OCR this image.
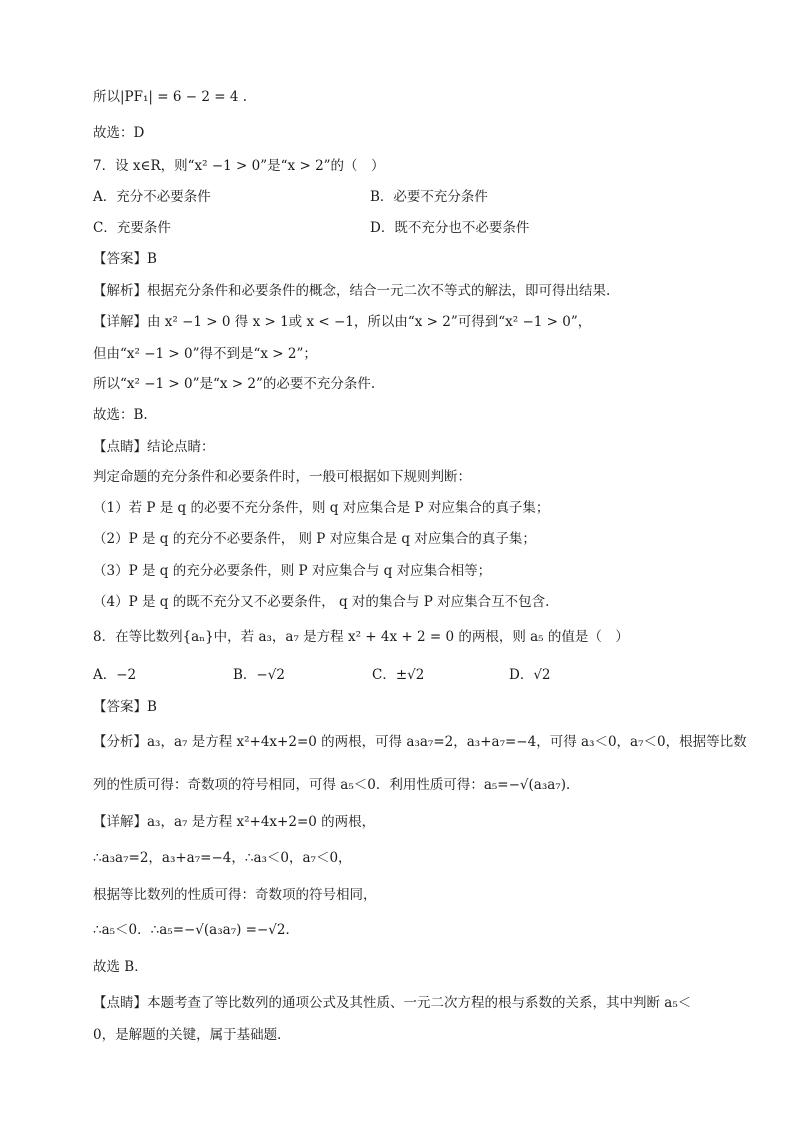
所以|PF₁| = 6 − 2 = 4 .
故选：D
7．设 x∈R，则“x² −1 > 0”是“x > 2”的（　）
A．充分不必要条件	B．必要不充分条件
C．充要条件	D．既不充分也不必要条件
【答案】B
【解析】根据充分条件和必要条件的概念，结合一元二次不等式的解法，即可得出结果.
【详解】由 x² −1 > 0 得 x > 1或 x < −1，所以由“x > 2”可得到“x² −1 > 0”，
但由“x² −1 > 0”得不到是“x > 2”；
所以“x² −1 > 0”是“x > 2”的必要不充分条件.
故选：B.
【点睛】结论点睛：
判定命题的充分条件和必要条件时，一般可根据如下规则判断：
（1）若 P 是 q 的必要不充分条件，则 q 对应集合是 P 对应集合的真子集；
（2）P 是 q 的充分不必要条件， 则 P 对应集合是 q 对应集合的真子集；
（3）P 是 q 的充分必要条件，则 P 对应集合与 q 对应集合相等；
（4）P 是 q 的既不充分又不必要条件， q 对的集合与 P 对应集合互不包含.
8．在等比数列{aₙ}中，若 a₃，a₇ 是方程 x² + 4x + 2 = 0 的两根，则 a₅ 的值是（　）
A．−2	B．−√2	C．±√2	D．√2
【答案】B
【分析】a₃，a₇ 是方程 x²+4x+2=0 的两根，可得 a₃a₇=2，a₃+a₇=−4，可得 a₃＜0，a₇＜0，根据等比数
列的性质可得：奇数项的符号相同，可得 a₅＜0．利用性质可得：a₅=−√(a₃a₇)．
【详解】a₃，a₇ 是方程 x²+4x+2=0 的两根，
∴a₃a₇=2，a₃+a₇=−4，∴a₃＜0，a₇＜0，
根据等比数列的性质可得：奇数项的符号相同，
∴a₅＜0．∴a₅=−√(a₃a₇) =−√2．
故选 B．
【点睛】本题考查了等比数列的通项公式及其性质、一元二次方程的根与系数的关系，其中判断 a₅＜
0，是解题的关键，属于基础题．
